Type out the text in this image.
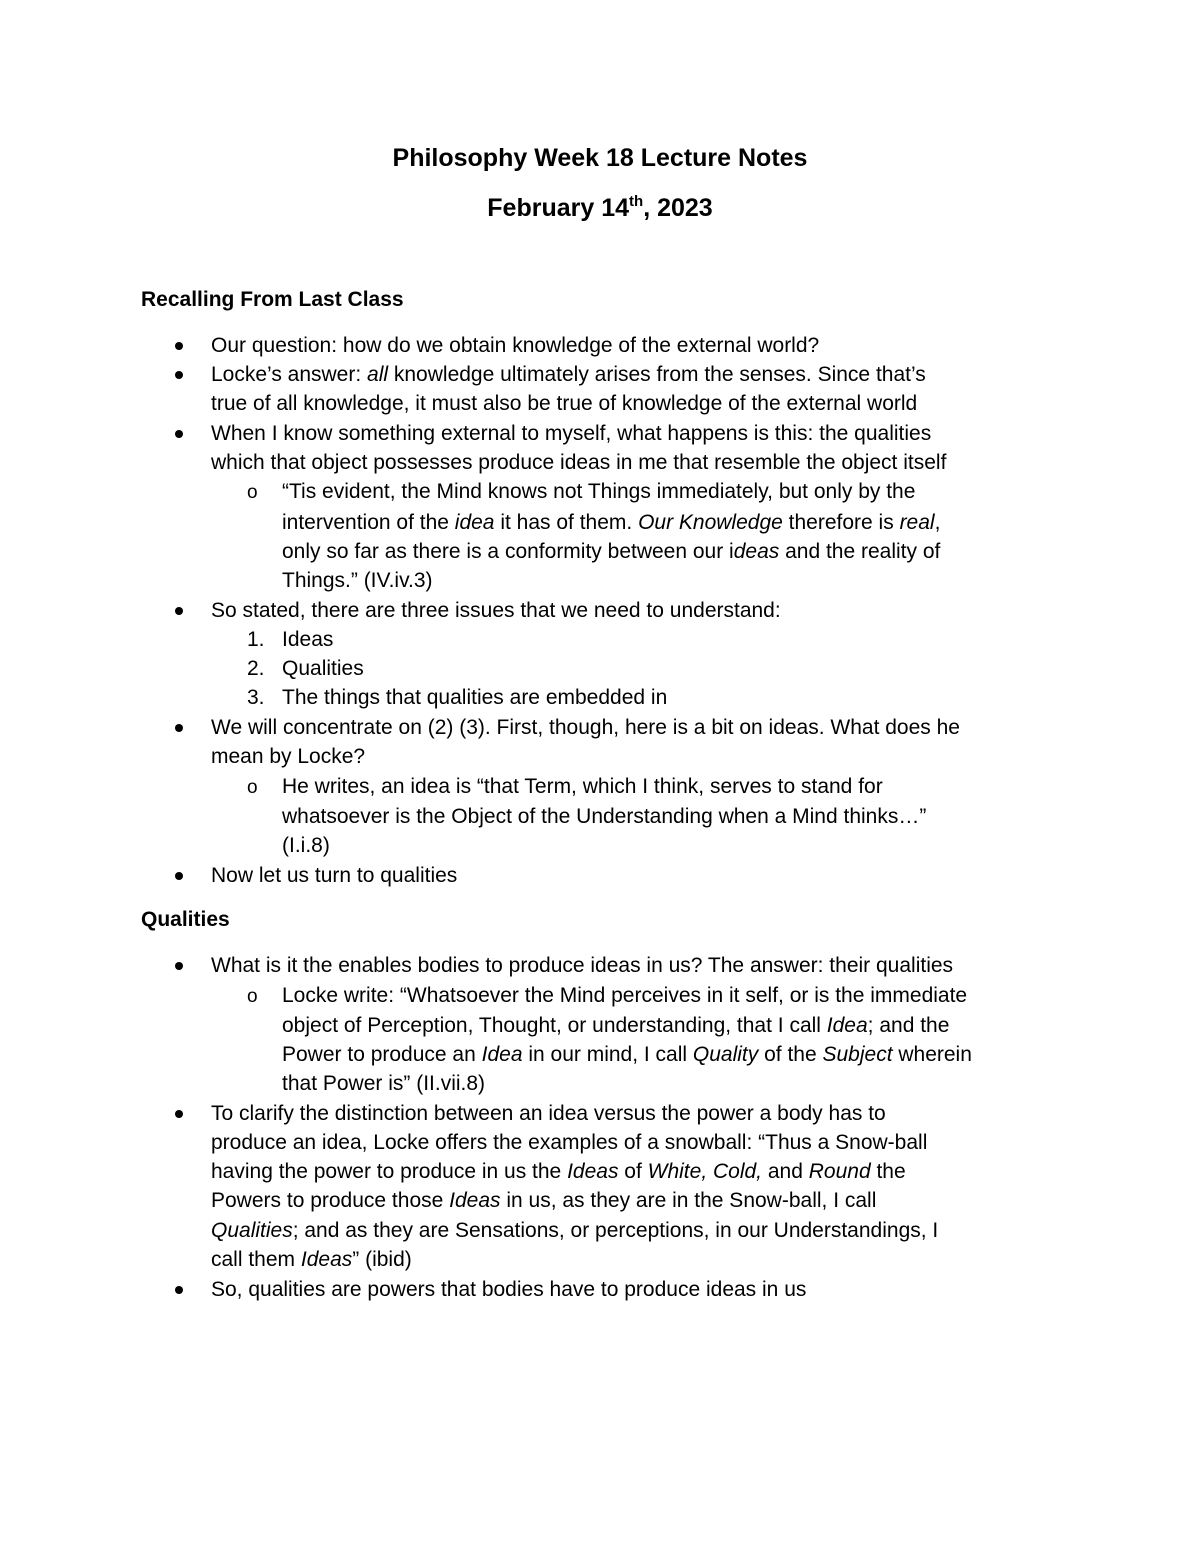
Philosophy Week 18 Lecture Notes
February 14th, 2023
Recalling From Last Class
Our question: how do we obtain knowledge of the external world?
Locke’s answer: all knowledge ultimately arises from the senses. Since that’s
true of all knowledge, it must also be true of knowledge of the external world
When I know something external to myself, what happens is this: the qualities
which that object possesses produce ideas in me that resemble the object itself
o “Tis evident, the Mind knows not Things immediately, but only by the
intervention of the idea it has of them. Our Knowledge therefore is real,
only so far as there is a conformity between our ideas and the reality of
Things.” (IV.iv.3)
So stated, there are three issues that we need to understand:
1. Ideas
2. Qualities
3. The things that qualities are embedded in
We will concentrate on (2) (3). First, though, here is a bit on ideas. What does he
mean by Locke?
o He writes, an idea is “that Term, which I think, serves to stand for
whatsoever is the Object of the Understanding when a Mind thinks…”
(I.i.8)
Now let us turn to qualities
Qualities
What is it the enables bodies to produce ideas in us? The answer: their qualities
o Locke write: “Whatsoever the Mind perceives in it self, or is the immediate
object of Perception, Thought, or understanding, that I call Idea; and the
Power to produce an Idea in our mind, I call Quality of the Subject wherein
that Power is” (II.vii.8)
To clarify the distinction between an idea versus the power a body has to
produce an idea, Locke offers the examples of a snowball: “Thus a Snow-ball
having the power to produce in us the Ideas of White, Cold, and Round the
Powers to produce those Ideas in us, as they are in the Snow-ball, I call
Qualities; and as they are Sensations, or perceptions, in our Understandings, I
call them Ideas” (ibid)
So, qualities are powers that bodies have to produce ideas in us
